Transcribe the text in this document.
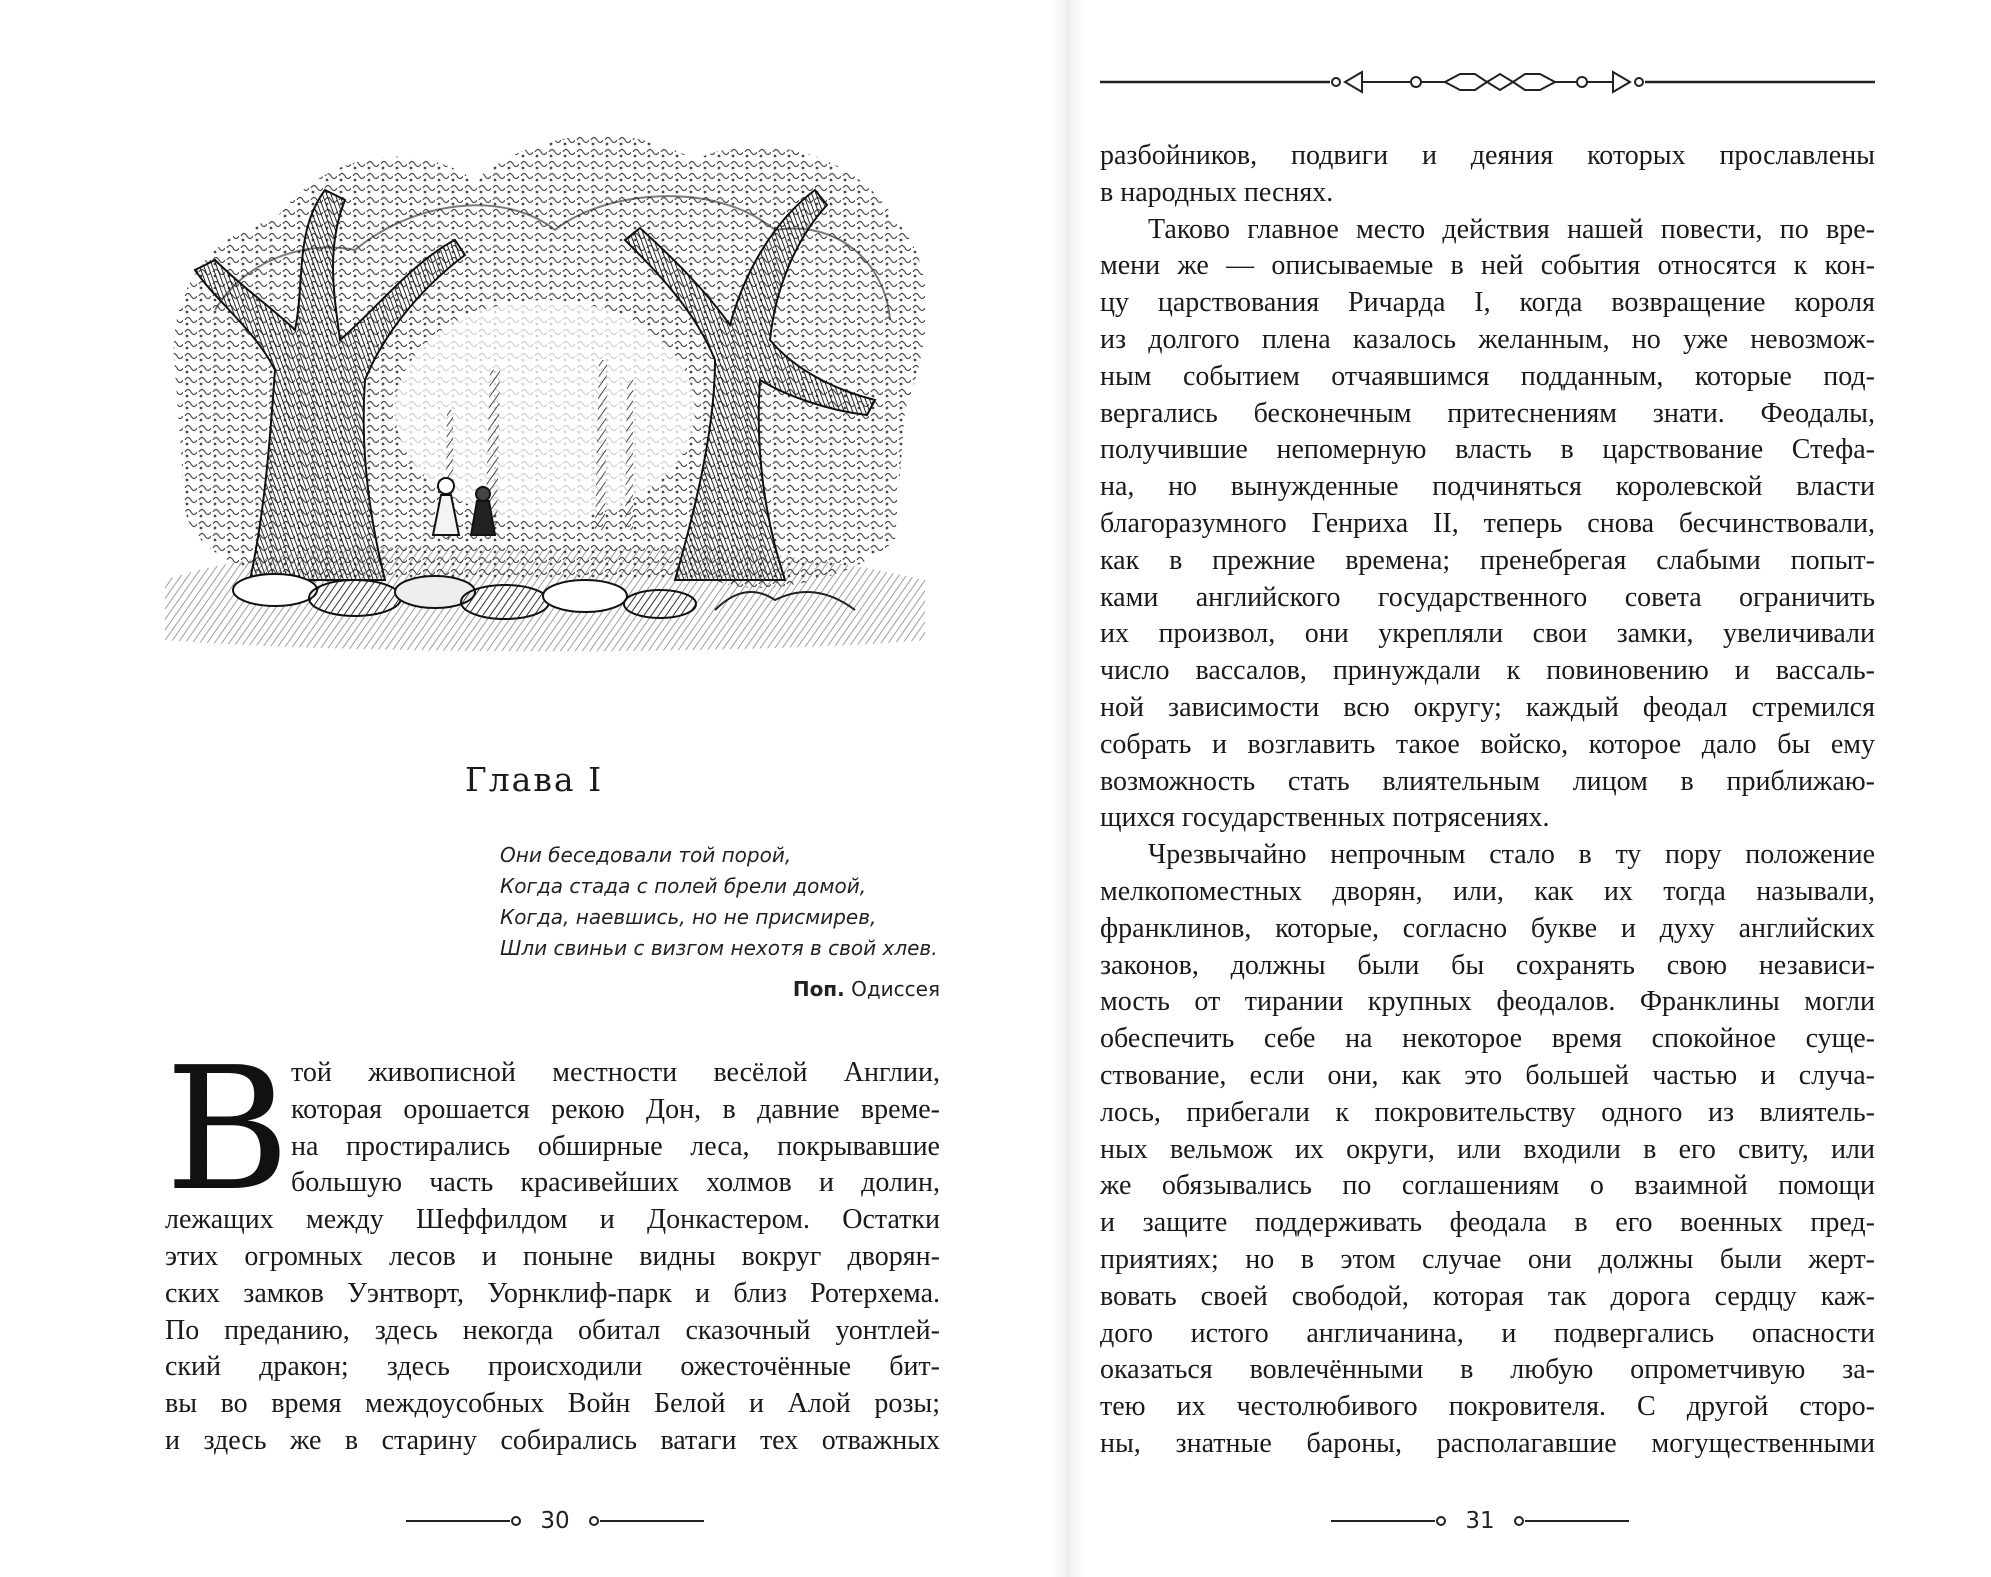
Глава I
Они беседовали той порой,
Когда стада с полей брели домой,
Когда, наевшись, но не присмирев,
Шли свиньи с визгом нехотя в свой хлев.
Поп. Одиссея
В той живописной местности весёлой Англии,
которая орошается рекою Дон, в давние време-
на простирались обширные леса, покрывавшие
большую часть красивейших холмов и долин,
лежащих между Шеффилдом и Донкастером. Остатки
этих огромных лесов и поныне видны вокруг дворян-
ских замков Уэнтворт, Уорнклиф-парк и близ Ротерхема.
По преданию, здесь некогда обитал сказочный уонтлей-
ский дракон; здесь происходили ожесточённые бит-
вы во время междоусобных Войн Белой и Алой розы;
и здесь же в старину собирались ватаги тех отважных
30
разбойников, подвиги и деяния которых прославлены
в народных песнях.
Таково главное место действия нашей повести, по вре-
мени же — описываемые в ней события относятся к кон-
цу царствования Ричарда I, когда возвращение короля
из долгого плена казалось желанным, но уже невозмож-
ным событием отчаявшимся подданным, которые под-
вергались бесконечным притеснениям знати. Феодалы,
получившие непомерную власть в царствование Стефа-
на, но вынужденные подчиняться королевской власти
благоразумного Генриха II, теперь снова бесчинствовали,
как в прежние времена; пренебрегая слабыми попыт-
ками английского государственного совета ограничить
их произвол, они укрепляли свои замки, увеличивали
число вассалов, принуждали к повиновению и вассаль-
ной зависимости всю округу; каждый феодал стремился
собрать и возглавить такое войско, которое дало бы ему
возможность стать влиятельным лицом в приближаю-
щихся государственных потрясениях.
Чрезвычайно непрочным стало в ту пору положение
мелкопоместных дворян, или, как их тогда называли,
франклинов, которые, согласно букве и духу английских
законов, должны были бы сохранять свою независи-
мость от тирании крупных феодалов. Франклины могли
обеспечить себе на некоторое время спокойное суще-
ствование, если они, как это большей частью и случа-
лось, прибегали к покровительству одного из влиятель-
ных вельмож их округи, или входили в его свиту, или
же обязывались по соглашениям о взаимной помощи
и защите поддерживать феодала в его военных пред-
приятиях; но в этом случае они должны были жерт-
вовать своей свободой, которая так дорога сердцу каж-
дого истого англичанина, и подвергались опасности
оказаться вовлечёнными в любую опрометчивую за-
тею их честолюбивого покровителя. С другой сторо-
ны, знатные бароны, располагавшие могущественными
31
